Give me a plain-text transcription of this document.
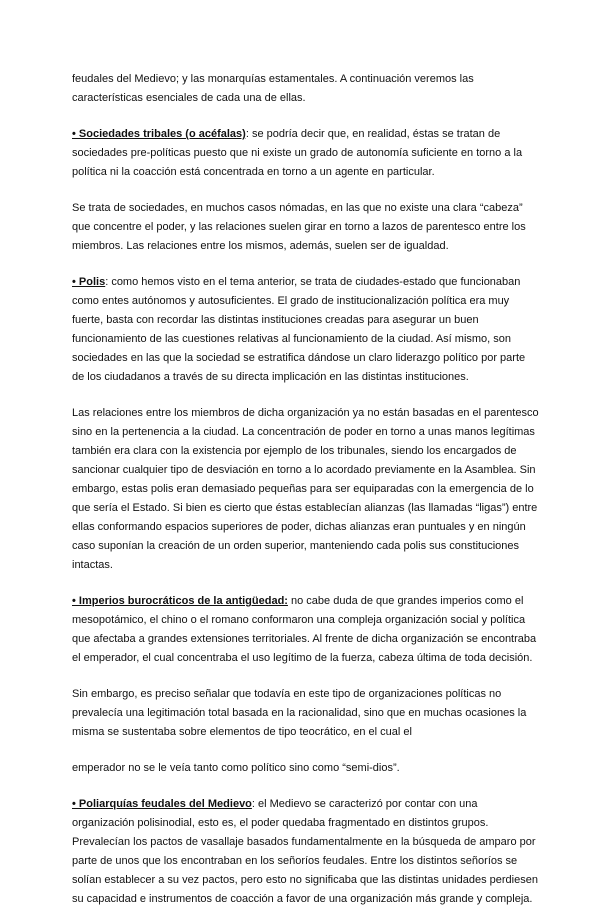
feudales del Medievo; y las monarquías estamentales. A continuación veremos las características esenciales de cada una de ellas.

• Sociedades tribales (o acéfalas): se podría decir que, en realidad, éstas se tratan de sociedades pre-políticas puesto que ni existe un grado de autonomía suficiente en torno a la política ni la coacción está concentrada en torno a un agente en particular.

Se trata de sociedades, en muchos casos nómadas, en las que no existe una clara “cabeza” que concentre el poder, y las relaciones suelen girar en torno a lazos de parentesco entre los miembros. Las relaciones entre los mismos, además, suelen ser de igualdad.

• Polis: como hemos visto en el tema anterior, se trata de ciudades-estado que funcionaban como entes autónomos y autosuficientes. El grado de institucionalización política era muy fuerte, basta con recordar las distintas instituciones creadas para asegurar un buen funcionamiento de las cuestiones relativas al funcionamiento de la ciudad. Así mismo, son sociedades en las que la sociedad se estratifica dándose un claro liderazgo político por parte de los ciudadanos a través de su directa implicación en las distintas instituciones.

Las relaciones entre los miembros de dicha organización ya no están basadas en el parentesco sino en la pertenencia a la ciudad. La concentración de poder en torno a unas manos legítimas también era clara con la existencia por ejemplo de los tribunales, siendo los encargados de sancionar cualquier tipo de desviación en torno a lo acordado previamente en la Asamblea. Sin embargo, estas polis eran demasiado pequeñas para ser equiparadas con la emergencia de lo que sería el Estado. Si bien es cierto que éstas establecían alianzas (las llamadas “ligas”) entre ellas conformando espacios superiores de poder, dichas alianzas eran puntuales y en ningún caso suponían la creación de un orden superior, manteniendo cada polis sus constituciones intactas.

• Imperios burocráticos de la antigüedad: no cabe duda de que grandes imperios como el mesopotámico, el chino o el romano conformaron una compleja organización social y política que afectaba a grandes extensiones territoriales. Al frente de dicha organización se encontraba el emperador, el cual concentraba el uso legítimo de la fuerza, cabeza última de toda decisión.

Sin embargo, es preciso señalar que todavía en este tipo de organizaciones políticas no prevalecía una legitimación total basada en la racionalidad, sino que en muchas ocasiones la misma se sustentaba sobre elementos de tipo teocrático, en el cual el

emperador no se le veía tanto como político sino como “semi-dios”.

• Poliarquías feudales del Medievo: el Medievo se caracterizó por contar con una organización polisinodial, esto es, el poder quedaba fragmentado en distintos grupos. Prevalecían los pactos de vasallaje basados fundamentalmente en la búsqueda de amparo por parte de unos que los encontraban en los señoríos feudales. Entre los distintos señoríos se solían establecer a su vez pactos, pero esto no significaba que las distintas unidades perdiesen su capacidad e instrumentos de coacción a favor de una organización más grande y compleja.
